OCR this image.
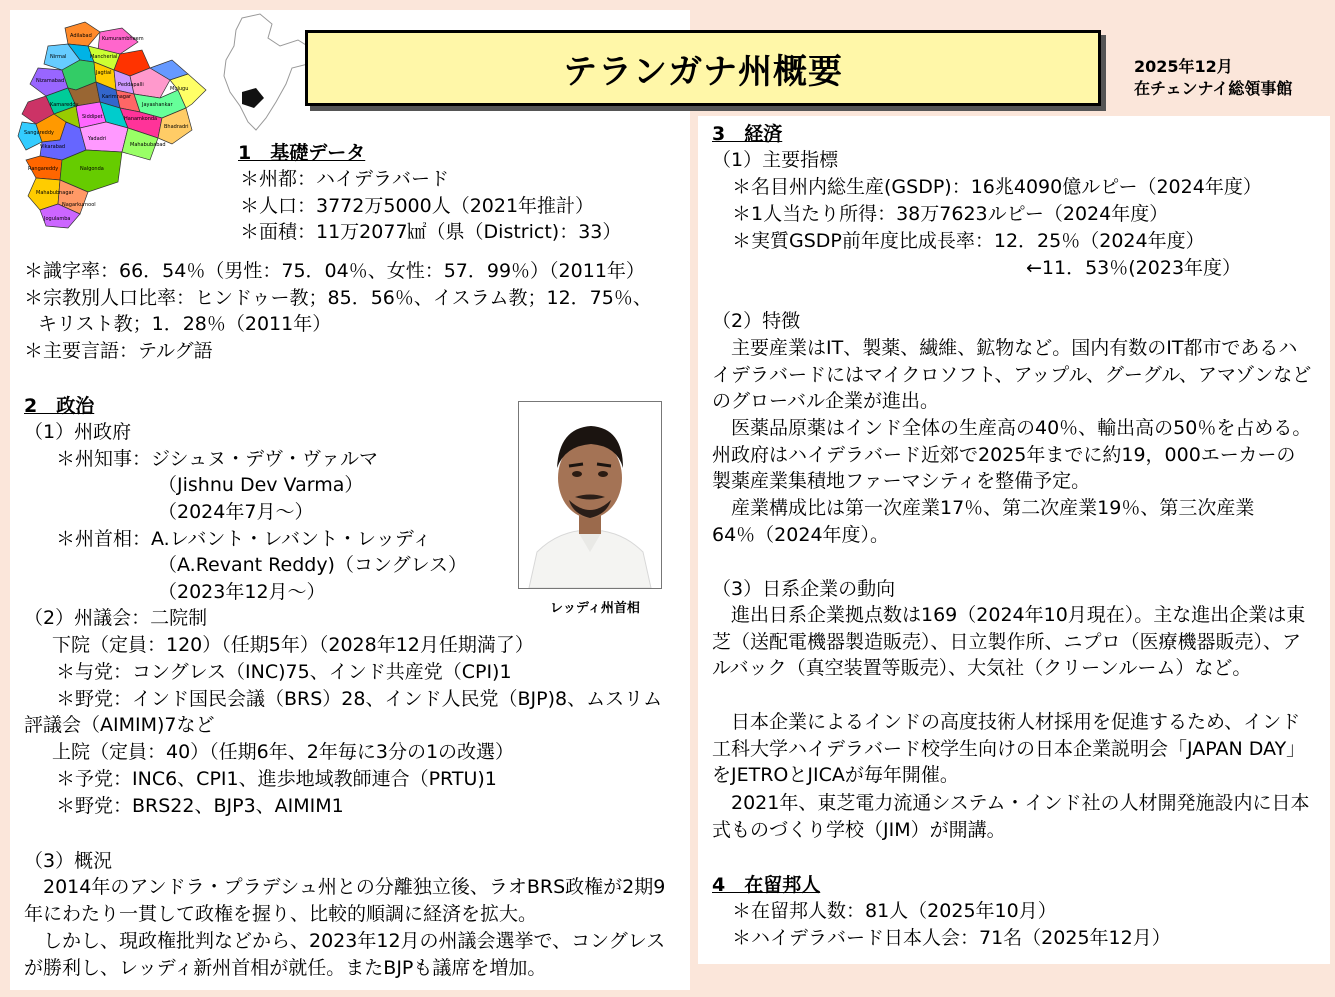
Adilabad Kumurambheem
Nirmal	Mancherial
Jagtial
Nizamabad
Peddapalli
Kamareddy
Karimnagar
Mulugu
Jayashankar
Sangareddy
Siddipet	Hanamkonda
Bhadradri
Vikarabad
Yadadri
Mahabubabad
Rangareddy	Nalgonda
Mahabubnagar
Nagarkurnool
Jogulamba
テランガナ州概要	2025年12月
在チェンナイ総領事館
1　基礎データ
＊州都：ハイデラバード
＊人口：3772万5000人（2021年推計）
＊面積：11万2077㎢（県（District)：33）
＊識字率：66．54％（男性：75．04％、女性：57．99％）（2011年）
＊宗教別人口比率：ヒンドゥー教；85．56％、イスラム教；12．75％、
キリスト教；1．28％（2011年）
＊主要言語：テルグ語
2　政治
（1）州政府
＊州知事：ジシュヌ・デヴ・ヴァルマ
（Jishnu Dev Varma）
（2024年7月～）
＊州首相：A.レバント・レバント・レッディ
（A.Revant Reddy)（コングレス）
（2023年12月～）
レッディ州首相
（2）州議会：二院制
下院（定員：120）（任期5年）（2028年12月任期満了）
＊与党：コングレス（INC)75、インド共産党（CPI)1
＊野党：インド国民会議（BRS）28、インド人民党（BJP)8、ムスリム
評議会（AIMIM)7など
上院（定員：40）（任期6年、2年毎に3分の1の改選）
＊予党：INC6、CPI1、進歩地域教師連合（PRTU)1
＊野党：BRS22、BJP3、AIMIM1
（3）概況
　2014年のアンドラ・プラデシュ州との分離独立後、ラオBRS政権が2期9年にわたり一貫して政権を握り、比較的順調に経済を拡大。
　しかし、現政権批判などから、2023年12月の州議会選挙で、コングレスが勝利し、レッディ新州首相が就任。またBJPも議席を増加。
3　経済
（1）主要指標
＊名目州内総生産(GSDP)：16兆4090億ルピー（2024年度）
＊1人当たり所得：38万7623ルピー（2024年度）
＊実質GSDP前年度比成長率：12．25％（2024年度）
←11．53％(2023年度）
（2）特徴
　主要産業はIT、製薬、繊維、鉱物など。国内有数のIT都市であるハイデラバードにはマイクロソフト、アップル、グーグル、アマゾンなどのグローバル企業が進出。
　医薬品原薬はインド全体の生産高の40％、輸出高の50％を占める。州政府はハイデラバード近郊で2025年までに約19，000エーカーの製薬産業集積地ファーマシティを整備予定。
　産業構成比は第一次産業17％、第二次産業19％、第三次産業64％（2024年度）。
（3）日系企業の動向
　進出日系企業拠点数は169（2024年10月現在）。主な進出企業は東芝（送配電機器製造販売）、日立製作所、ニプロ（医療機器販売）、アルバック（真空装置等販売）、大気社（クリーンルーム）など。
　日本企業によるインドの高度技術人材採用を促進するため、インド工科大学ハイデラバード校学生向けの日本企業説明会「JAPAN DAY」をJETROとJICAが毎年開催。
　2021年、東芝電力流通システム・インド社の人材開発施設内に日本式ものづくり学校（JIM）が開講。
4　在留邦人
＊在留邦人数：81人（2025年10月）
＊ハイデラバード日本人会：71名（2025年12月）
